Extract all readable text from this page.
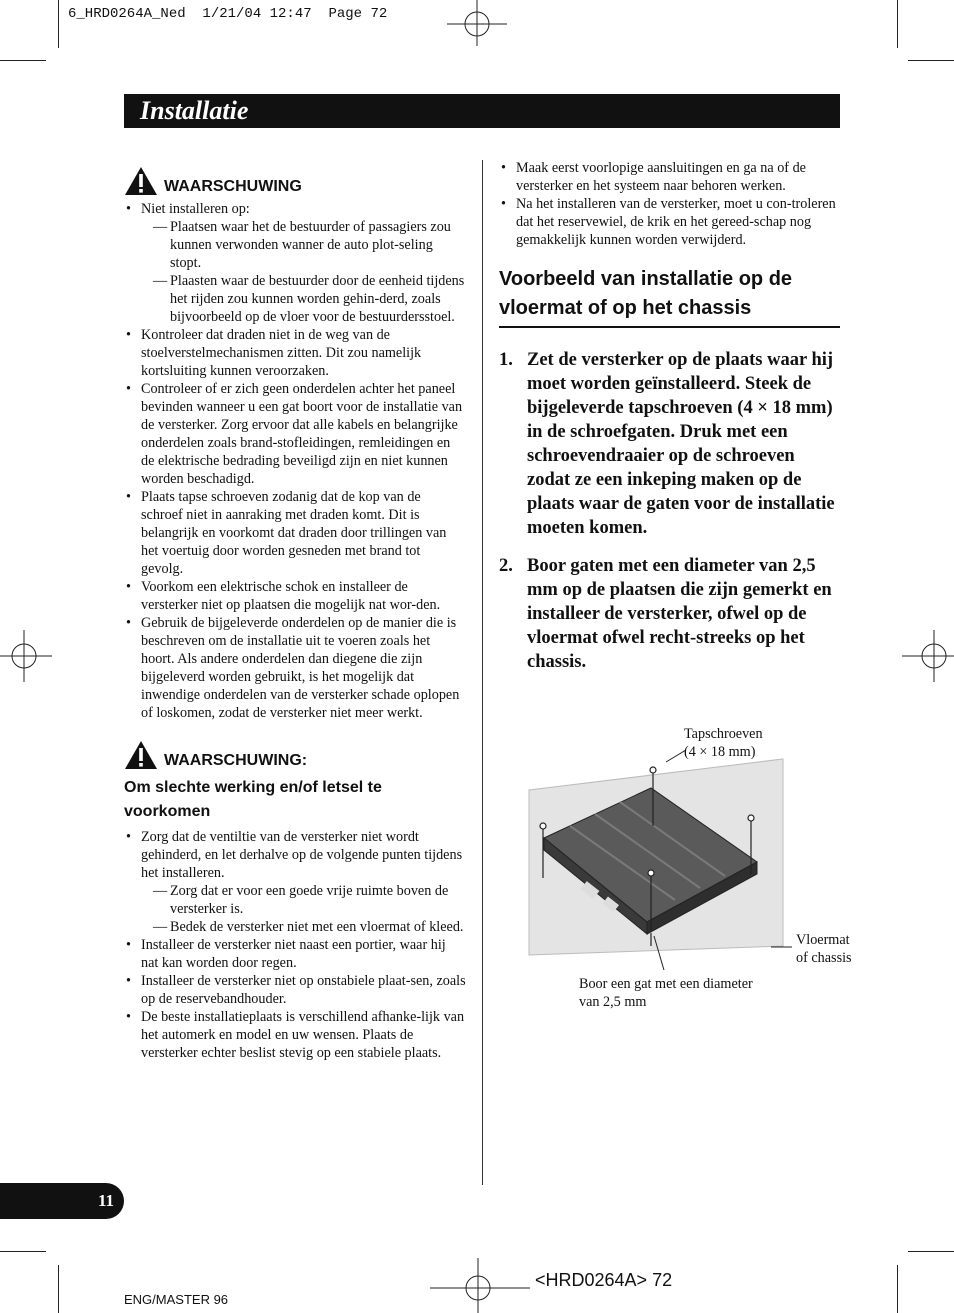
6_HRD0264A_Ned  1/21/04 12:47  Page 72
Installatie
WAARSCHUWING
• Niet installeren op:
— Plaatsen waar het de bestuurder of passagiers zou kunnen verwonden wanner de auto plot-seling stopt.
— Plaasten waar de bestuurder door de eenheid tijdens het rijden zou kunnen worden gehin-derd, zoals bijvoorbeeld op de vloer voor de bestuurdersstoel.
• Kontroleer dat draden niet in de weg van de stoelverstelmechanismen zitten. Dit zou namelijk kortsluiting kunnen veroorzaken.
• Controleer of er zich geen onderdelen achter het paneel bevinden wanneer u een gat boort voor de installatie van de versterker. Zorg ervoor dat alle kabels en belangrijke onderdelen zoals brand-stofleidingen, remleidingen en de elektrische bedrading beveiligd zijn en niet kunnen worden beschadigd.
• Plaats tapse schroeven zodanig dat de kop van de schroef niet in aanraking met draden komt. Dit is belangrijk en voorkomt dat draden door trillingen van het voertuig door worden gesneden met brand tot gevolg.
• Voorkom een elektrische schok en installeer de versterker niet op plaatsen die mogelijk nat wor-den.
• Gebruik de bijgeleverde onderdelen op de manier die is beschreven om de installatie uit te voeren zoals het hoort. Als andere onderdelen dan diegene die zijn bijgeleverd worden gebruikt, is het mogelijk dat inwendige onderdelen van de versterker schade oplopen of loskomen, zodat de versterker niet meer werkt.
WAARSCHUWING:
Om slechte werking en/of letsel te voorkomen
• Zorg dat de ventiltie van de versterker niet wordt gehinderd, en let derhalve op de volgende punten tijdens het installeren.
— Zorg dat er voor een goede vrije ruimte boven de versterker is.
— Bedek de versterker niet met een vloermat of kleed.
• Installeer de versterker niet naast een portier, waar hij nat kan worden door regen.
• Installeer de versterker niet op onstabiele plaat-sen, zoals op de reservebandhouder.
• De beste installatieplaats is verschillend afhanke-lijk van het automerk en model en uw wensen. Plaats de versterker echter beslist stevig op een stabiele plaats.
• Maak eerst voorlopige aansluitingen en ga na of de versterker en het systeem naar behoren werken.
• Na het installeren van de versterker, moet u con-troleren dat het reservewiel, de krik en het gereed-schap nog gemakkelijk kunnen worden verwijderd.
Voorbeeld van installatie op de vloermat of op het chassis
1. Zet de versterker op de plaats waar hij moet worden geïnstalleerd. Steek de bijgeleverde tapschroeven (4 × 18 mm) in de schroefgaten. Druk met een schroevendraaier op de schroeven zodat ze een inkeping maken op de plaats waar de gaten voor de installatie moeten komen.
2. Boor gaten met een diameter van 2,5 mm op de plaatsen die zijn gemerkt en installeer de versterker, ofwel op de vloermat ofwel recht-streeks op het chassis.
Tapschroeven
(4 × 18 mm)
Vloermat
of chassis
Boor een gat met een diameter
van 2,5 mm
11
<HRD0264A> 72
ENG/MASTER 96
